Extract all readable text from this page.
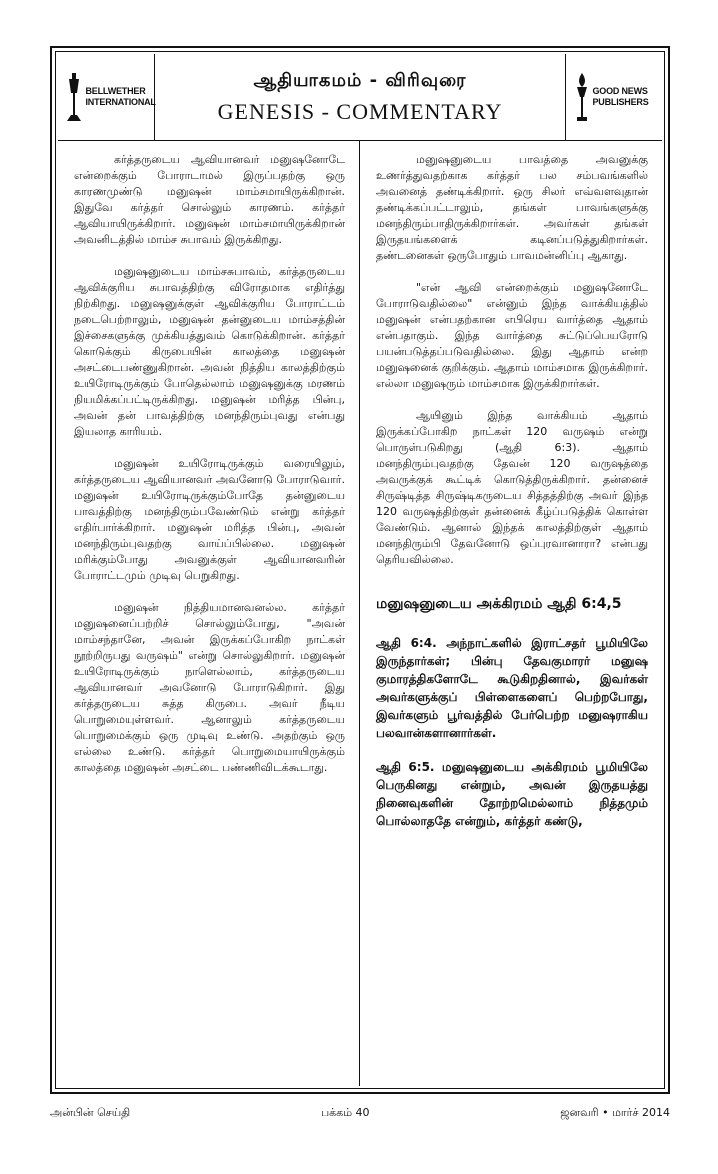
BELLWETHER INTERNATIONAL
ஆதியாகமம் - விரிவுரை
GENESIS - COMMENTARY
GOOD NEWS PUBLISHERS

கர்த்தருடைய ஆவியானவர் மனுஷனோடே என்றைக்கும் போராடாமல் இருப்பதற்கு ஒரு காரணமுண்டு மனுஷன் மாம்சமாயிருக்கிறான். இதுவே கர்த்தர் சொல்லும் காரணம். கர்த்தர் ஆவியாயிருக்கிறார். மனுஷன் மாம்சமாயிருக்கிறான் அவனிடத்தில் மாம்ச சுபாவம் இருக்கிறது.

மனுஷனுடைய மாம்சசுபாவம், கர்த்தருடைய ஆவிக்குரிய சுபாவத்திற்கு விரோதமாக எதிர்த்து நிற்கிறது. மனுஷனுக்குள் ஆவிக்குரிய போராட்டம் நடைபெற்றாலும், மனுஷன் தன்னுடைய மாம்சத்தின் இச்சைகளுக்கு முக்கியத்துவம் கொடுக்கிறான். கர்த்தர் கொடுக்கும் கிருபையின் காலத்தை மனுஷன் அசட்டைபண்ணுகிறான். அவன் நித்திய காலத்திற்கும் உயிரோடிருக்கும் போதெல்லாம் மனுஷனுக்கு மரணம் நியமிக்கப்பட்டிருக்கிறது. மனுஷன் மரித்த பின்பு, அவன் தன் பாவத்திற்கு மனந்திரும்புவது என்பது இயலாத காரியம்.

மனுஷன் உயிரோடிருக்கும் வரையிலும், கர்த்தருடைய ஆவியானவர் அவனோடு போராடுவார். மனுஷன் உயிரோடிருக்கும்போதே தன்னுடைய பாவத்திற்கு மனந்திரும்பவேண்டும் என்று கர்த்தர் எதிர்பார்க்கிறார். மனுஷன் மரித்த பின்பு, அவன் மனந்திரும்புவதற்கு வாய்ப்பில்லை. மனுஷன் மரிக்கும்போது அவனுக்குள் ஆவியானவரின் போராட்டமும் முடிவு பெறுகிறது.

மனுஷன் நித்தியமானவனல்ல. கர்த்தர் மனுஷனைப்பற்றிச் சொல்லும்போது, "அவன் மாம்சந்தானே, அவன் இருக்கப்போகிற நாட்கள் நூற்றிருபது வருஷம்" என்று சொல்லுகிறார். மனுஷன் உயிரோடிருக்கும் நாளெல்லாம், கர்த்தருடைய ஆவியானவர் அவனோடு போராடுகிறார். இது கர்த்தருடைய சுத்த கிருபை. அவர் நீடிய பொறுமையுள்ளவர். ஆனாலும் கர்த்தருடைய பொறுமைக்கும் ஒரு முடிவு உண்டு. அதற்கும் ஒரு எல்லை உண்டு. கர்த்தர் பொறுமையாயிருக்கும் காலத்தை மனுஷன் அசட்டை பண்ணிவிடக்கூடாது.

மனுஷனுடைய பாவத்தை அவனுக்கு உணர்த்துவதற்காக கர்த்தர் பல சம்பவங்களில் அவனைத் தண்டிக்கிறார். ஒரு சிலர் எவ்வளவுதான் தண்டிக்கப்பட்டாலும், தங்கள் பாவங்களுக்கு மனந்திரும்பாதிருக்கிறார்கள். அவர்கள் தங்கள் இருதயங்களைக் கடினப்படுத்துகிறார்கள். தண்டனைகள் ஒருபோதும் பாவமன்னிப்பு ஆகாது.

"என் ஆவி என்றைக்கும் மனுஷனோடே போராடுவதில்லை" என்னும் இந்த வாக்கியத்தில் மனுஷன் என்பதற்கான எபிரெய வார்த்தை ஆதாம் என்பதாகும். இந்த வார்த்தை சுட்டுப்பெயரோடு பயன்படுத்தப்படுவதில்லை. இது ஆதாம் என்ற மனுஷனைக் குறிக்கும். ஆதாம் மாம்சமாக இருக்கிறார். எல்லா மனுஷரும் மாம்சமாக இருக்கிறார்கள்.

ஆயினும் இந்த வாக்கியம் ஆதாம் இருக்கப்போகிற நாட்கள் 120 வருஷம் என்று பொருள்படுகிறது (ஆதி 6:3). ஆதாம் மனந்திரும்புவதற்கு தேவன் 120 வருஷத்தை அவருக்குக் கூட்டிக் கொடுத்திருக்கிறார். தன்னைச் சிருஷ்டித்த சிருஷ்டிகருடைய சித்தத்திற்கு அவர் இந்த 120 வருஷத்திற்குள் தன்னைக் கீழ்ப்படுத்திக் கொள்ள வேண்டும். ஆனால் இந்தக் காலத்திற்குள் ஆதாம் மனந்திரும்பி தேவனோடு ஒப்புரவானாரா? என்பது தெரியவில்லை.

மனுஷனுடைய அக்கிரமம் ஆதி 6:4,5

ஆதி 6:4. அந்நாட்களில் இராட்சதர் பூமியிலே இருந்தார்கள்; பின்பு தேவகுமாரர் மனுஷ குமாரத்திகளோடே கூடுகிறதினால், இவர்கள் அவர்களுக்குப் பிள்ளைகளைப் பெற்றபோது, இவர்களும் பூர்வத்தில் பேர்பெற்ற மனுஷராகிய பலவான்களானார்கள்.

ஆதி 6:5. மனுஷனுடைய அக்கிரமம் பூமியிலே பெருகினது என்றும், அவன் இருதயத்து நினைவுகளின் தோற்றமெல்லாம் நித்தமும் பொல்லாததே என்றும், கர்த்தர் கண்டு,

அன்பின் செய்தி	பக்கம் 40	ஜனவரி • மார்ச் 2014
